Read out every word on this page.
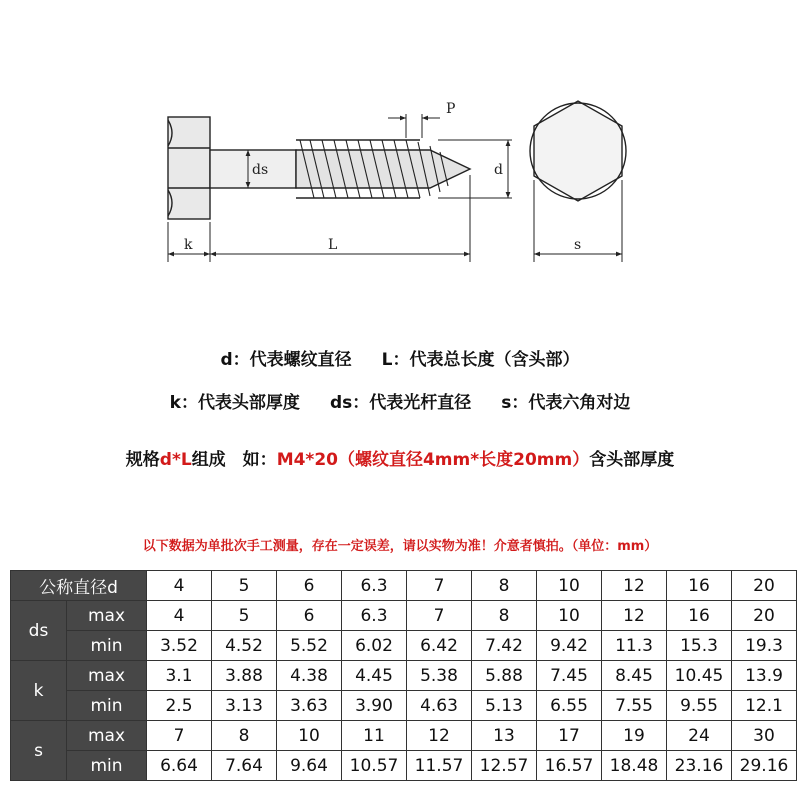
P
ds	d
k	L	s
d：代表螺纹直径 L：代表总长度（含头部）
k：代表头部厚度 ds：代表光杆直径 s：代表六角对边
规格d*L组成　如：M4*20（螺纹直径4mm*长度20mm）含头部厚度
以下数据为单批次手工测量，存在一定误差，请以实物为准！介意者慎拍。（单位：mm）
公称直径d		4	5	6	6.3	7	8	10	12	16	20
ds	max	4	5	6	6.3	7	8	10	12	16	20
	min	3.52	4.52	5.52	6.02	6.42	7.42	9.42	11.3	15.3	19.3
k	max	3.1	3.88	4.38	4.45	5.38	5.88	7.45	8.45	10.45	13.9
	min	2.5	3.13	3.63	3.90	4.63	5.13	6.55	7.55	9.55	12.1
s	max	7	8	10	11	12	13	17	19	24	30
	min	6.64	7.64	9.64	10.57	11.57	12.57	16.57	18.48	23.16	29.16
